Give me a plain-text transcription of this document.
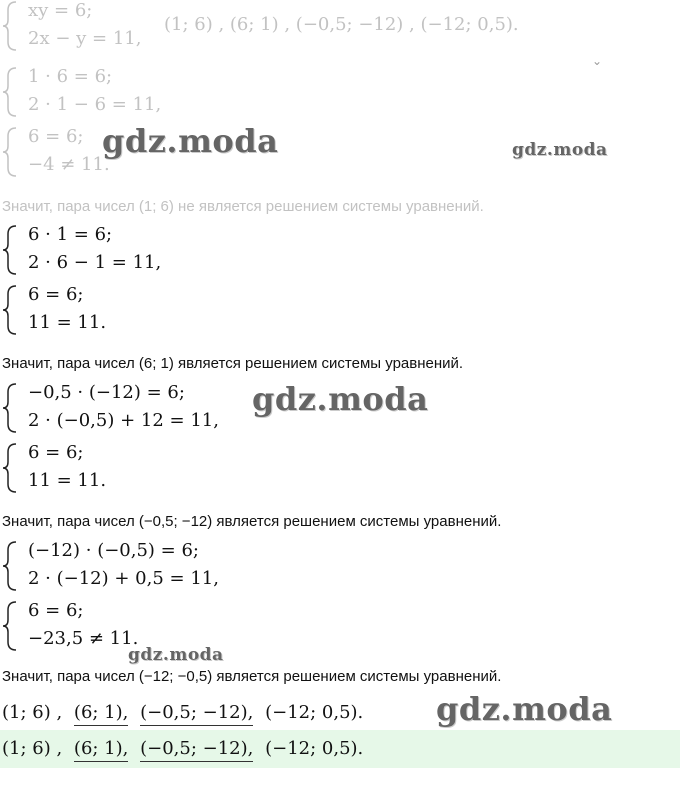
xy = 6;
2x − y = 11,
(1; 6) , (6; 1) , (−0,5; −12) , (−12; 0,5).
⌄
1 · 6 = 6;
2 · 1 − 6 = 11,
6 = 6;
−4 ≠ 11.
Значит, пара чисел (1; 6) не является решением системы уравнений.
6 · 1 = 6;
2 · 6 − 1 = 11,
6 = 6;
11 = 11.
Значит, пара чисел (6; 1) является решением системы уравнений.
−0,5 · (−12) = 6;
2 · (−0,5) + 12 = 11,
6 = 6;
11 = 11.
Значит, пара чисел (−0,5; −12) является решением системы уравнений.
(−12) · (−0,5) = 6;
2 · (−12) + 0,5 = 11,
6 = 6;
−23,5 ≠ 11.
Значит, пара чисел (−12; −0,5) является решением системы уравнений.
(1; 6) , (6; 1), (−0,5; −12), (−12; 0,5).
(1; 6) , (6; 1), (−0,5; −12), (−12; 0,5).
gdz.moda	gdz.moda
gdz.moda
gdz.moda
gdz.moda
